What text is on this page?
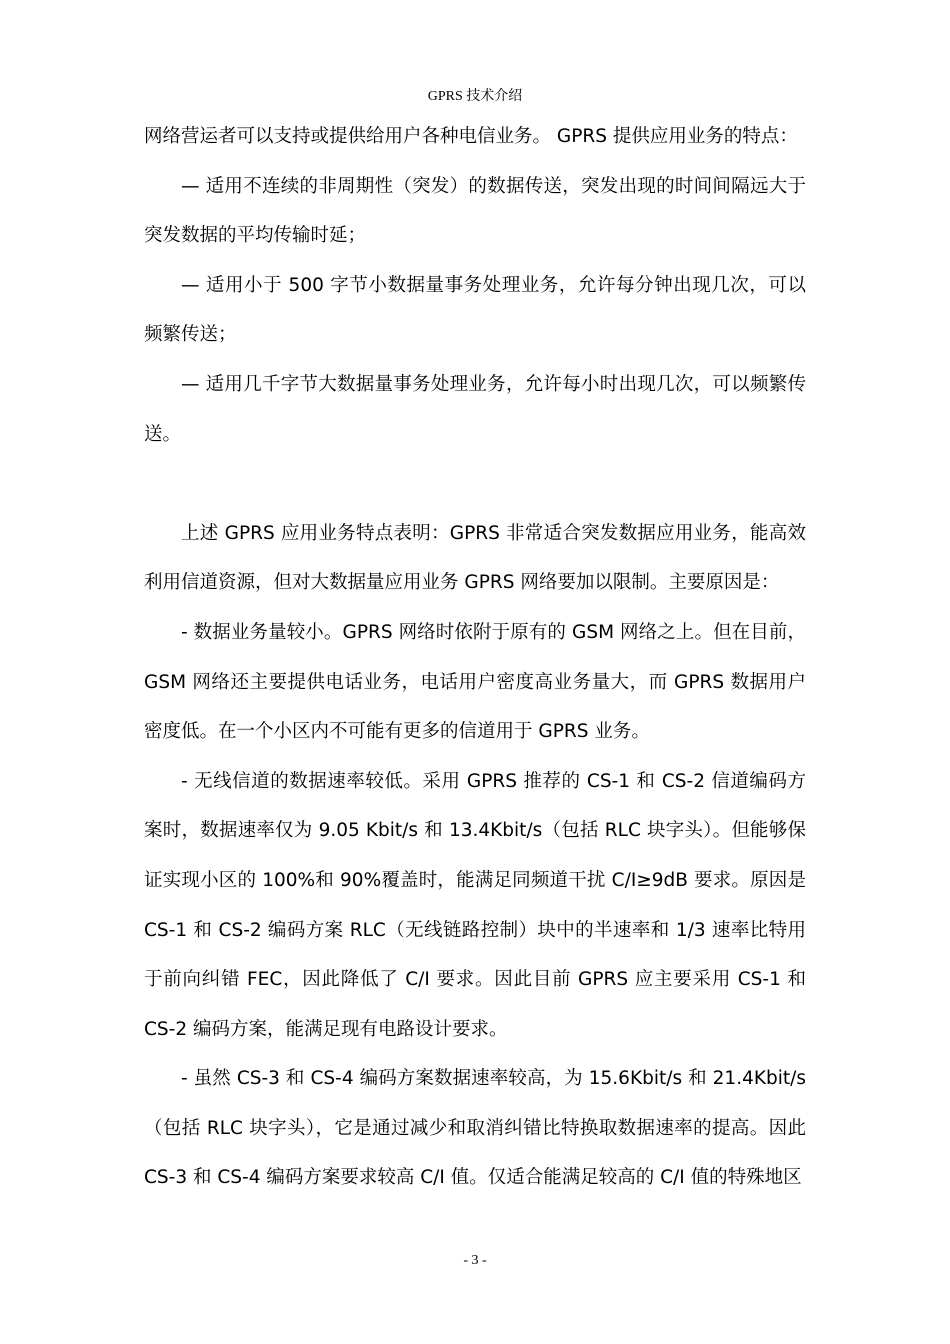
GPRS 技术介绍

网络营运者可以支持或提供给用户各种电信业务。 GPRS 提供应用业务的特点：

— 适用不连续的非周期性（突发）的数据传送，突发出现的时间间隔远大于突发数据的平均传输时延；

— 适用小于 500 字节小数据量事务处理业务，允许每分钟出现几次，可以频繁传送；

— 适用几千字节大数据量事务处理业务，允许每小时出现几次，可以频繁传送。

上述 GPRS 应用业务特点表明：GPRS 非常适合突发数据应用业务，能高效利用信道资源，但对大数据量应用业务 GPRS 网络要加以限制。主要原因是：

- 数据业务量较小。GPRS 网络时依附于原有的 GSM 网络之上。但在目前，GSM 网络还主要提供电话业务，电话用户密度高业务量大，而 GPRS 数据用户密度低。在一个小区内不可能有更多的信道用于 GPRS 业务。

- 无线信道的数据速率较低。采用 GPRS 推荐的 CS-1 和 CS-2 信道编码方案时，数据速率仅为 9.05 Kbit/s 和 13.4Kbit/s（包括 RLC 块字头）。但能够保证实现小区的 100%和 90%覆盖时，能满足同频道干扰 C/I≥9dB 要求。原因是 CS-1 和 CS-2 编码方案 RLC（无线链路控制）块中的半速率和 1/3 速率比特用于前向纠错 FEC，因此降低了 C/I 要求。因此目前 GPRS 应主要采用 CS-1 和 CS-2 编码方案，能满足现有电路设计要求。

- 虽然 CS-3 和 CS-4 编码方案数据速率较高，为 15.6Kbit/s 和 21.4Kbit/s（包括 RLC 块字头），它是通过减少和取消纠错比特换取数据速率的提高。因此 CS-3 和 CS-4 编码方案要求较高 C/I 值。仅适合能满足较高的 C/I 值的特殊地区

- 3 -
